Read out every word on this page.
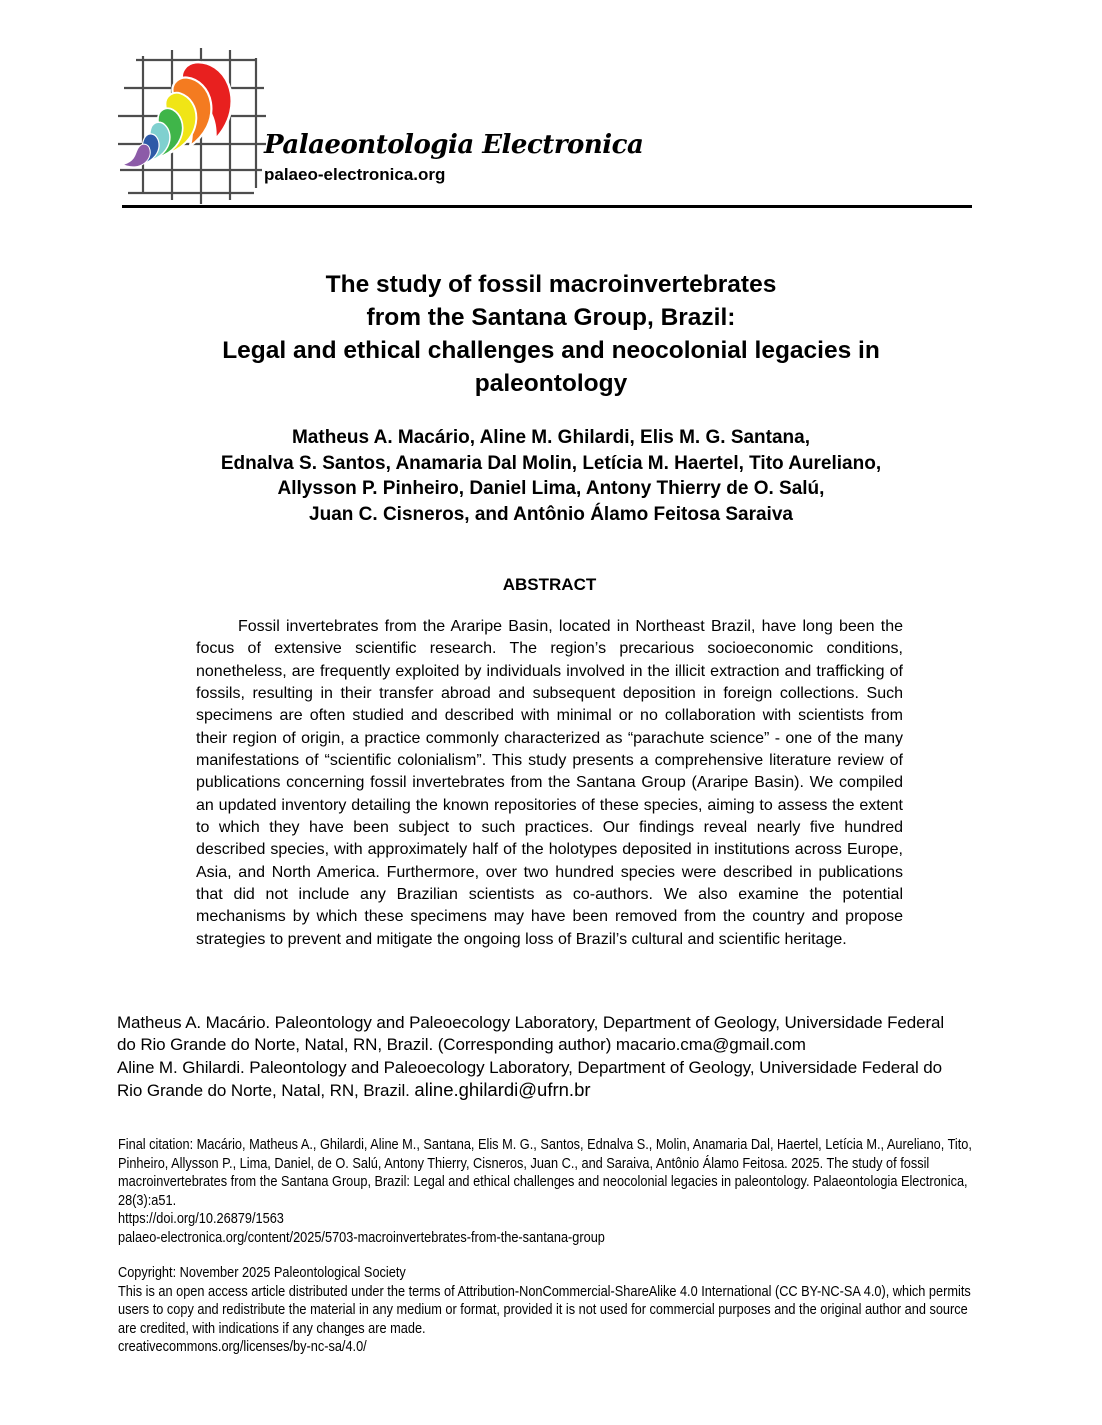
Palaeontologia Electronica
palaeo-electronica.org
The study of fossil macroinvertebrates
from the Santana Group, Brazil:
Legal and ethical challenges and neocolonial legacies in
paleontology
Matheus A. Macário, Aline M. Ghilardi, Elis M. G. Santana,
Ednalva S. Santos, Anamaria Dal Molin, Letícia M. Haertel, Tito Aureliano,
Allysson P. Pinheiro, Daniel Lima, Antony Thierry de O. Salú,
Juan C. Cisneros, and Antônio Álamo Feitosa Saraiva
ABSTRACT

Fossil invertebrates from the Araripe Basin, located in Northeast Brazil, have long been the focus of extensive scientific research. The region’s precarious socioeconomic conditions, nonetheless, are frequently exploited by individuals involved in the illicit extraction and trafficking of fossils, resulting in their transfer abroad and subsequent deposition in foreign collections. Such specimens are often studied and described with minimal or no collaboration with scientists from their region of origin, a practice commonly characterized as “parachute science” - one of the many manifestations of “scientific colonialism”. This study presents a comprehensive literature review of publications concerning fossil invertebrates from the Santana Group (Araripe Basin). We compiled an updated inventory detailing the known repositories of these species, aiming to assess the extent to which they have been subject to such practices. Our findings reveal nearly five hundred described species, with approximately half of the holotypes deposited in institutions across Europe, Asia, and North America. Furthermore, over two hundred species were described in publications that did not include any Brazilian scientists as co-authors. We also examine the potential mechanisms by which these specimens may have been removed from the country and propose strategies to prevent and mitigate the ongoing loss of Brazil’s cultural and scientific heritage.

Matheus A. Macário. Paleontology and Paleoecology Laboratory, Department of Geology, Universidade Federal do Rio Grande do Norte, Natal, RN, Brazil. (Corresponding author) macario.cma@gmail.com

Aline M. Ghilardi. Paleontology and Paleoecology Laboratory, Department of Geology, Universidade Federal do Rio Grande do Norte, Natal, RN, Brazil. aline.ghilardi@ufrn.br

Final citation: Macário, Matheus A., Ghilardi, Aline M., Santana, Elis M. G., Santos, Ednalva S., Molin, Anamaria Dal, Haertel, Letícia M., Aureliano, Tito, Pinheiro, Allysson P., Lima, Daniel, de O. Salú, Antony Thierry, Cisneros, Juan C., and Saraiva, Antônio Álamo Feitosa. 2025. The study of fossil macroinvertebrates from the Santana Group, Brazil: Legal and ethical challenges and neocolonial legacies in paleontology. Palaeontologia Electronica, 28(3):a51.

https://doi.org/10.26879/1563

palaeo-electronica.org/content/2025/5703-macroinvertebrates-from-the-santana-group

Copyright: November 2025 Paleontological Society

This is an open access article distributed under the terms of Attribution-NonCommercial-ShareAlike 4.0 International (CC BY-NC-SA 4.0), which permits users to copy and redistribute the material in any medium or format, provided it is not used for commercial purposes and the original author and source are credited, with indications if any changes are made.

creativecommons.org/licenses/by-nc-sa/4.0/
